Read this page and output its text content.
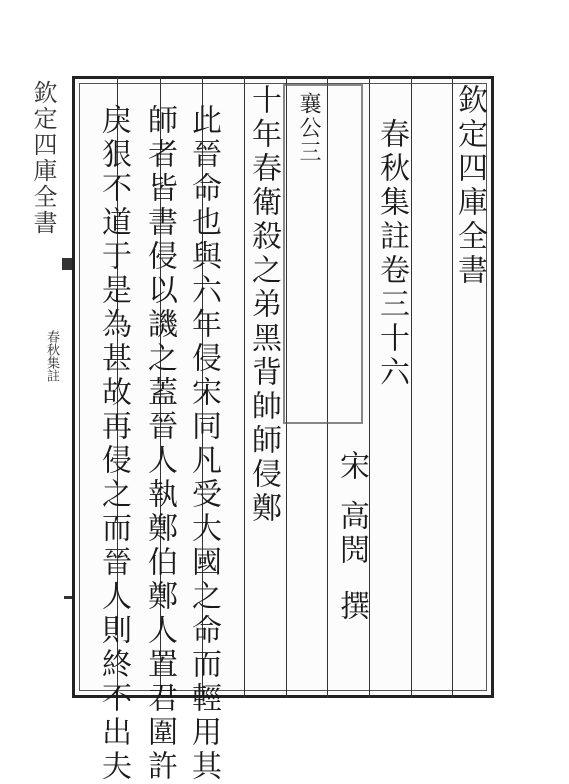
欽定四庫全書
春秋集註
欽定四庫全書
春秋集註卷三十六
襄公三
宋
高閌
撰
十年春衛殺之弟黑背帥師侵鄭
此晉命也與六年侵宋同凡受大國之命而輕用其
師者皆書侵以譏之蓋晉人執鄭伯鄭人置君圍許
戾狠不道于是為甚故再侵之而晉人則終不出夫
